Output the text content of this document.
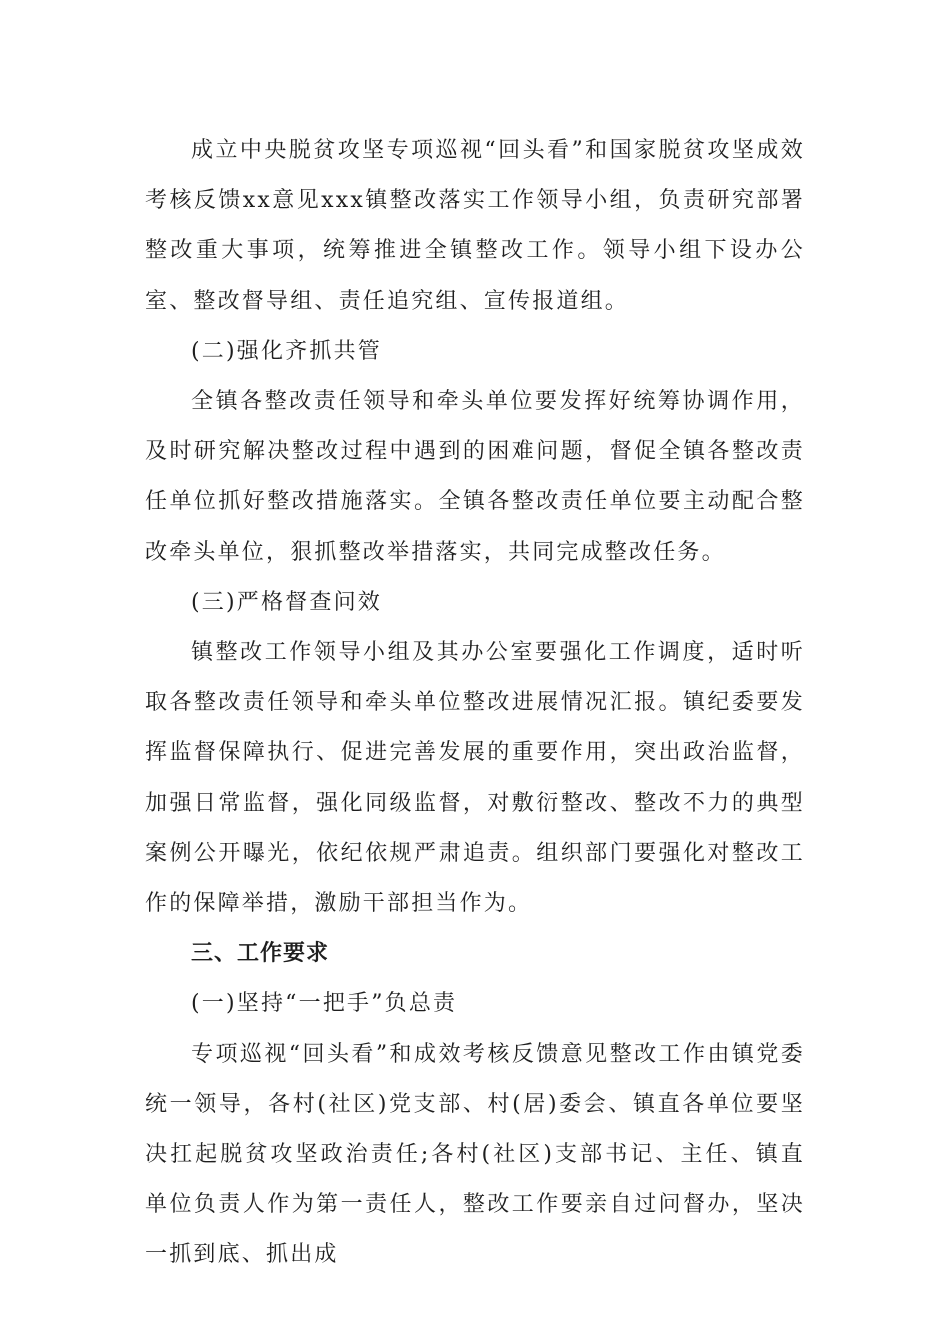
成立中央脱贫攻坚专项巡视“回头看”和国家脱贫攻坚成效考核反馈xx意见xxx镇整改落实工作领导小组，负责研究部署整改重大事项，统筹推进全镇整改工作。领导小组下设办公室、整改督导组、责任追究组、宣传报道组。

(二)强化齐抓共管

全镇各整改责任领导和牵头单位要发挥好统筹协调作用，及时研究解决整改过程中遇到的困难问题，督促全镇各整改责任单位抓好整改措施落实。全镇各整改责任单位要主动配合整改牵头单位，狠抓整改举措落实，共同完成整改任务。

(三)严格督查问效

镇整改工作领导小组及其办公室要强化工作调度，适时听取各整改责任领导和牵头单位整改进展情况汇报。镇纪委要发挥监督保障执行、促进完善发展的重要作用，突出政治监督，加强日常监督，强化同级监督，对敷衍整改、整改不力的典型案例公开曝光，依纪依规严肃追责。组织部门要强化对整改工作的保障举措，激励干部担当作为。

三、工作要求

(一)坚持“一把手”负总责

专项巡视“回头看”和成效考核反馈意见整改工作由镇党委统一领导，各村(社区)党支部、村(居)委会、镇直各单位要坚决扛起脱贫攻坚政治责任;各村(社区)支部书记、主任、镇直单位负责人作为第一责任人，整改工作要亲自过问督办，坚决一抓到底、抓出成
